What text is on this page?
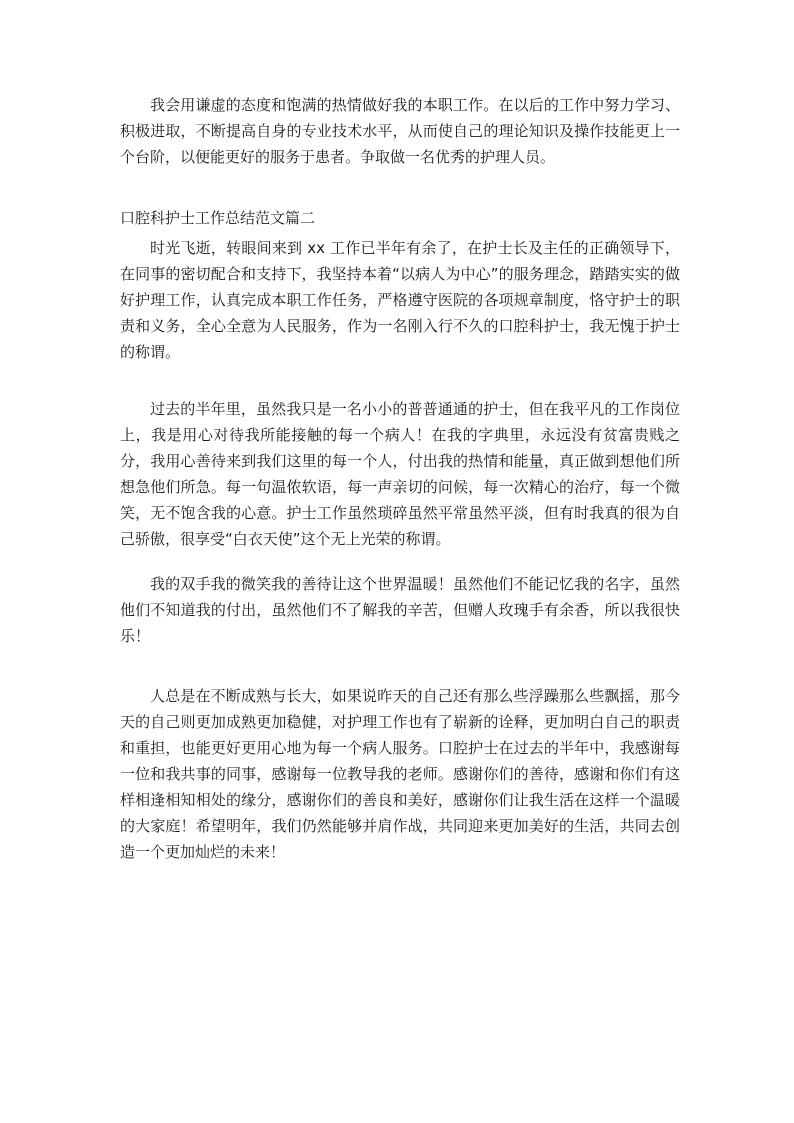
我会用谦虚的态度和饱满的热情做好我的本职工作。在以后的工作中努力学习、积极进取，不断提高自身的专业技术水平，从而使自己的理论知识及操作技能更上一个台阶，以便能更好的服务于患者。争取做一名优秀的护理人员。

口腔科护士工作总结范文篇二

时光飞逝，转眼间来到 xx 工作已半年有余了，在护士长及主任的正确领导下，在同事的密切配合和支持下，我坚持本着“以病人为中心”的服务理念，踏踏实实的做好护理工作，认真完成本职工作任务，严格遵守医院的各项规章制度，恪守护士的职责和义务，全心全意为人民服务，作为一名刚入行不久的口腔科护士，我无愧于护士的称谓。

过去的半年里，虽然我只是一名小小的普普通通的护士，但在我平凡的工作岗位上，我是用心对待我所能接触的每一个病人！在我的字典里，永远没有贫富贵贱之分，我用心善待来到我们这里的每一个人，付出我的热情和能量，真正做到想他们所想急他们所急。每一句温侬软语，每一声亲切的问候，每一次精心的治疗，每一个微笑，无不饱含我的心意。护士工作虽然琐碎虽然平常虽然平淡，但有时我真的很为自己骄傲，很享受“白衣天使”这个无上光荣的称谓。

我的双手我的微笑我的善待让这个世界温暖！虽然他们不能记忆我的名字，虽然他们不知道我的付出，虽然他们不了解我的辛苦，但赠人玫瑰手有余香，所以我很快乐！

人总是在不断成熟与长大，如果说昨天的自己还有那么些浮躁那么些飘摇，那今天的自己则更加成熟更加稳健，对护理工作也有了崭新的诠释，更加明白自己的职责和重担，也能更好更用心地为每一个病人服务。口腔护士在过去的半年中，我感谢每一位和我共事的同事，感谢每一位教导我的老师。感谢你们的善待，感谢和你们有这样相逢相知相处的缘分，感谢你们的善良和美好，感谢你们让我生活在这样一个温暖的大家庭！希望明年，我们仍然能够并肩作战，共同迎来更加美好的生活，共同去创造一个更加灿烂的未来！
